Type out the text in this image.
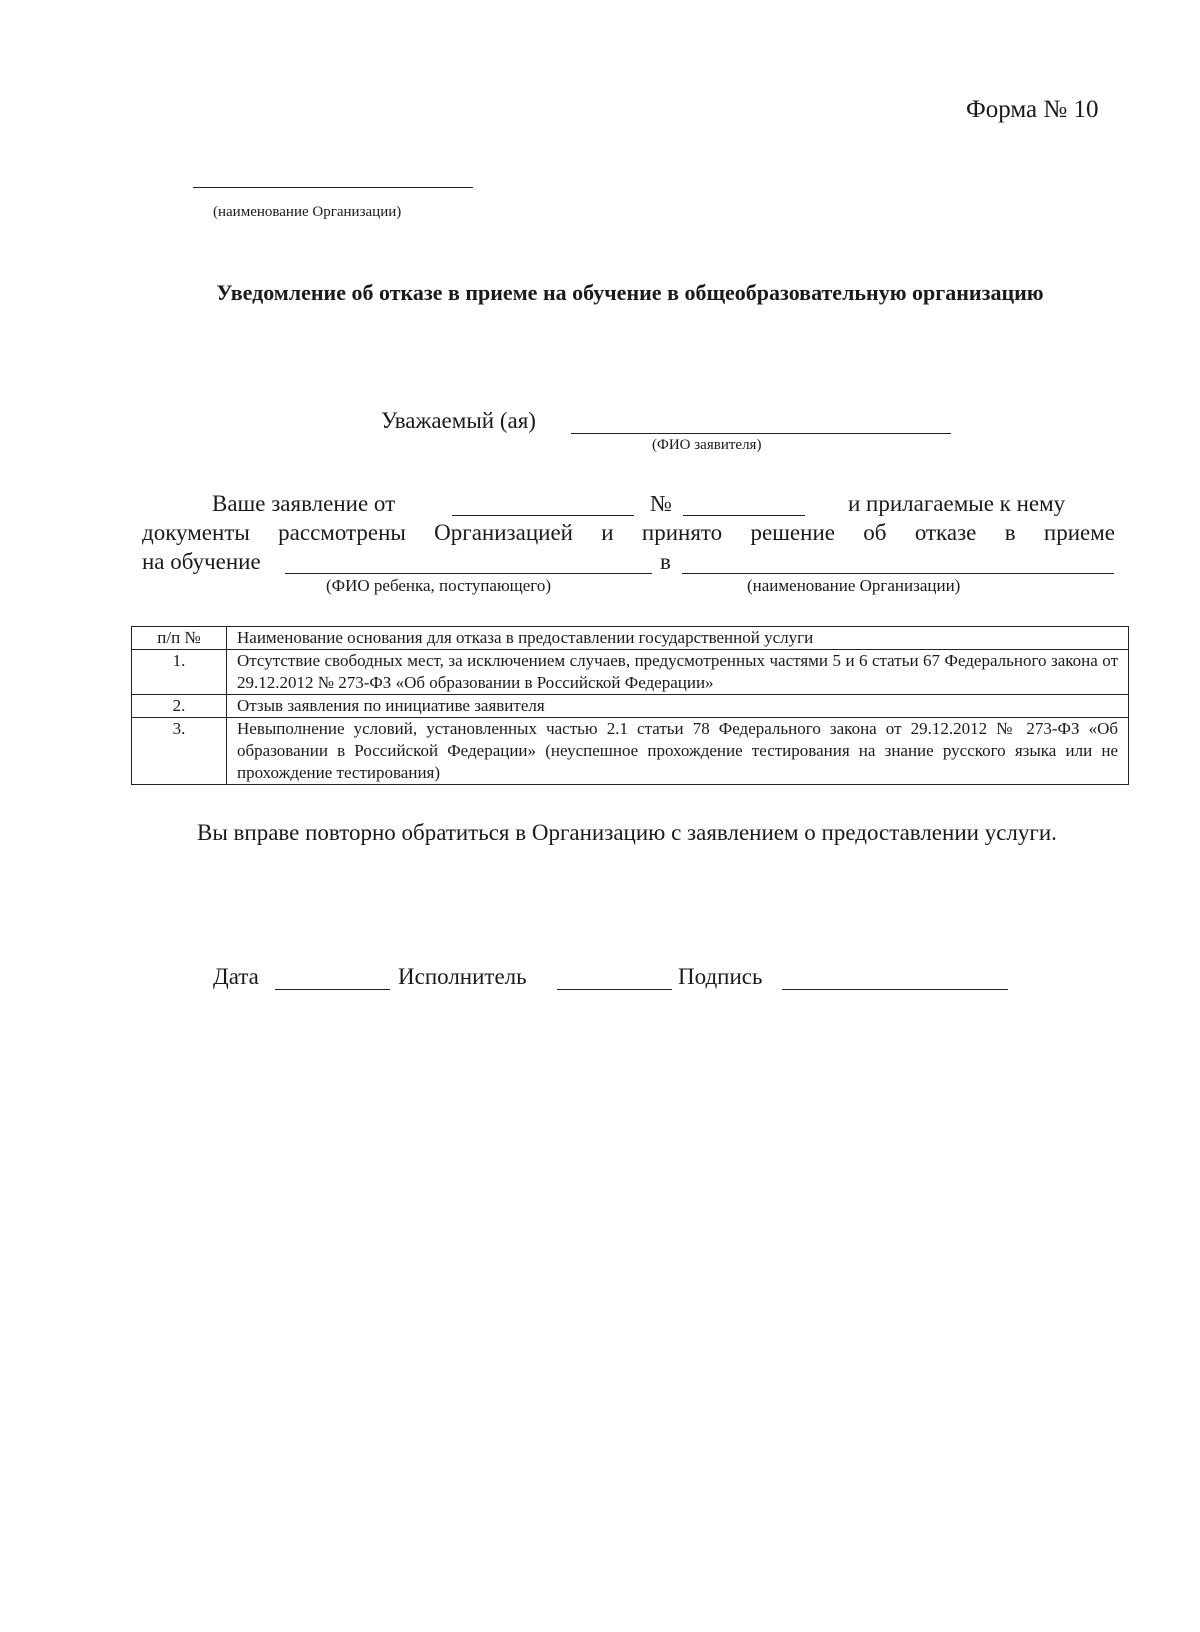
Форма № 10
(наименование Организации)
Уведомление об отказе в приеме на обучение в общеобразовательную организацию
Уважаемый (ая)
(ФИО заявителя)
Ваше заявление от	№	и прилагаемые к нему
документы рассмотрены Организацией и принято решение об отказе в приеме
на обучение	в
(ФИО ребенка, поступающего)	(наименование Организации)
п/п №	Наименование основания для отказа в предоставлении государственной услуги
1.	Отсутствие свободных мест, за исключением случаев, предусмотренных частями 5 и 6 статьи 67 Федерального закона от 29.12.2012 № 273-ФЗ «Об образовании в Российской Федерации»
2.	Отзыв заявления по инициативе заявителя
3.	Невыполнение условий, установленных частью 2.1 статьи 78 Федерального закона от 29.12.2012 № 273-ФЗ «Об образовании в Российской Федерации» (неуспешное прохождение тестирования на знание русского языка или не прохождение тестирования)
Вы вправе повторно обратиться в Организацию с заявлением о предоставлении услуги.
Дата	Исполнитель	Подпись
